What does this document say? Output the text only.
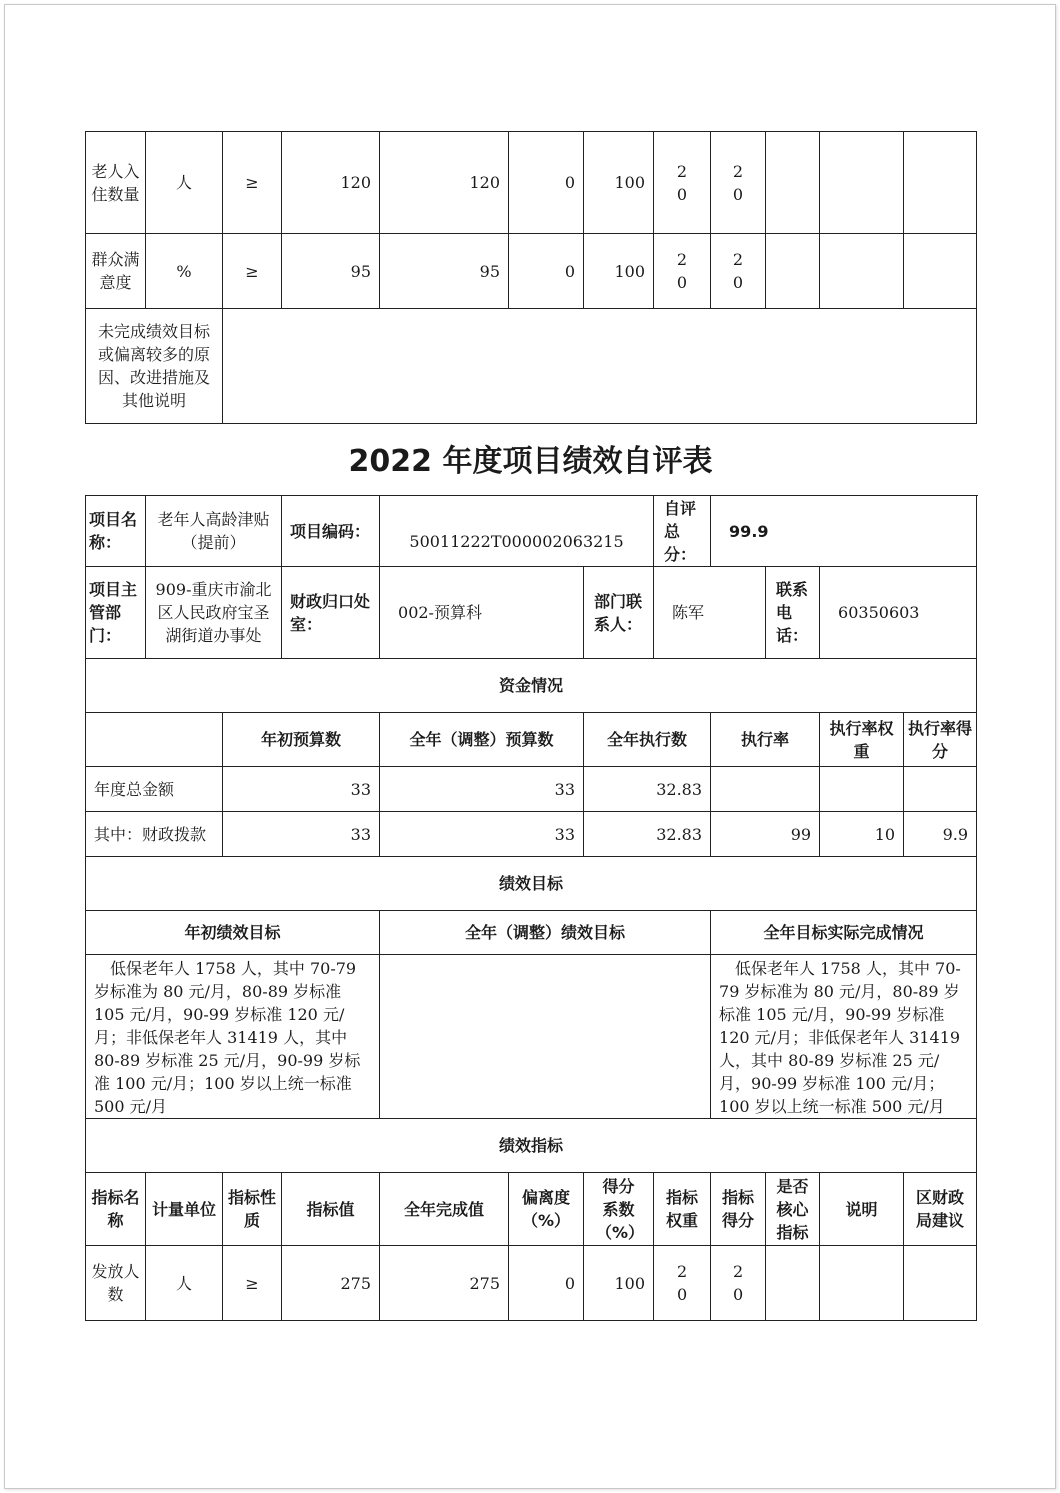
老人入住数量	人	≥	120	120	0	100	20	20			

群众满意度	%	≥	95	95	0	100	20	20			

未完成绩效目标或偏离较多的原因、改进措施及其他说明											
2022 年度项目绩效自评表
项目名称：	老年人高龄津贴（提前）		项目编码：	50011222T000002063215			自评总分：	99.9			
项目主管部门：	909-重庆市渝北区人民政府宝圣湖街道办事处		财政归口处室：	002-预算科		部门联系人：	陈军		联系电话：	60350603	
资金情况											
		年初预算数		全年（调整）预算数		全年执行数		执行率		执行率权重	执行率得分
年度总金额		33		33		32.83					
其中：财政拨款		33		33		32.83		99		10	9.9
绩效目标											
年初绩效目标				全年（调整）绩效目标				全年目标实际完成情况			
低保老年人 1758 人，其中 70-79 岁标准为 80 元/月，80-89 岁标准 105 元/月，90-99 岁标准 120 元/月；非低保老年人 31419 人，其中 80-89 岁标准 25 元/月，90-99 岁标准 100 元/月；100 岁以上统一标准 500 元/月								低保老年人 1758 人，其中 70-79 岁标准为 80 元/月，80-89 岁标准 105 元/月，90-99 岁标准 120 元/月；非低保老年人 31419 人，其中 80-89 岁标准 25 元/月，90-99 岁标准 100 元/月；100 岁以上统一标准 500 元/月			
绩效指标											
指标名称	计量单位	指标性质	指标值	全年完成值	偏离度（%）	得分系数（%）	指标权重	指标得分	是否核心指标	说明	区财政局建议
发放人数	人	≥	275	275	0	100	20	20			
